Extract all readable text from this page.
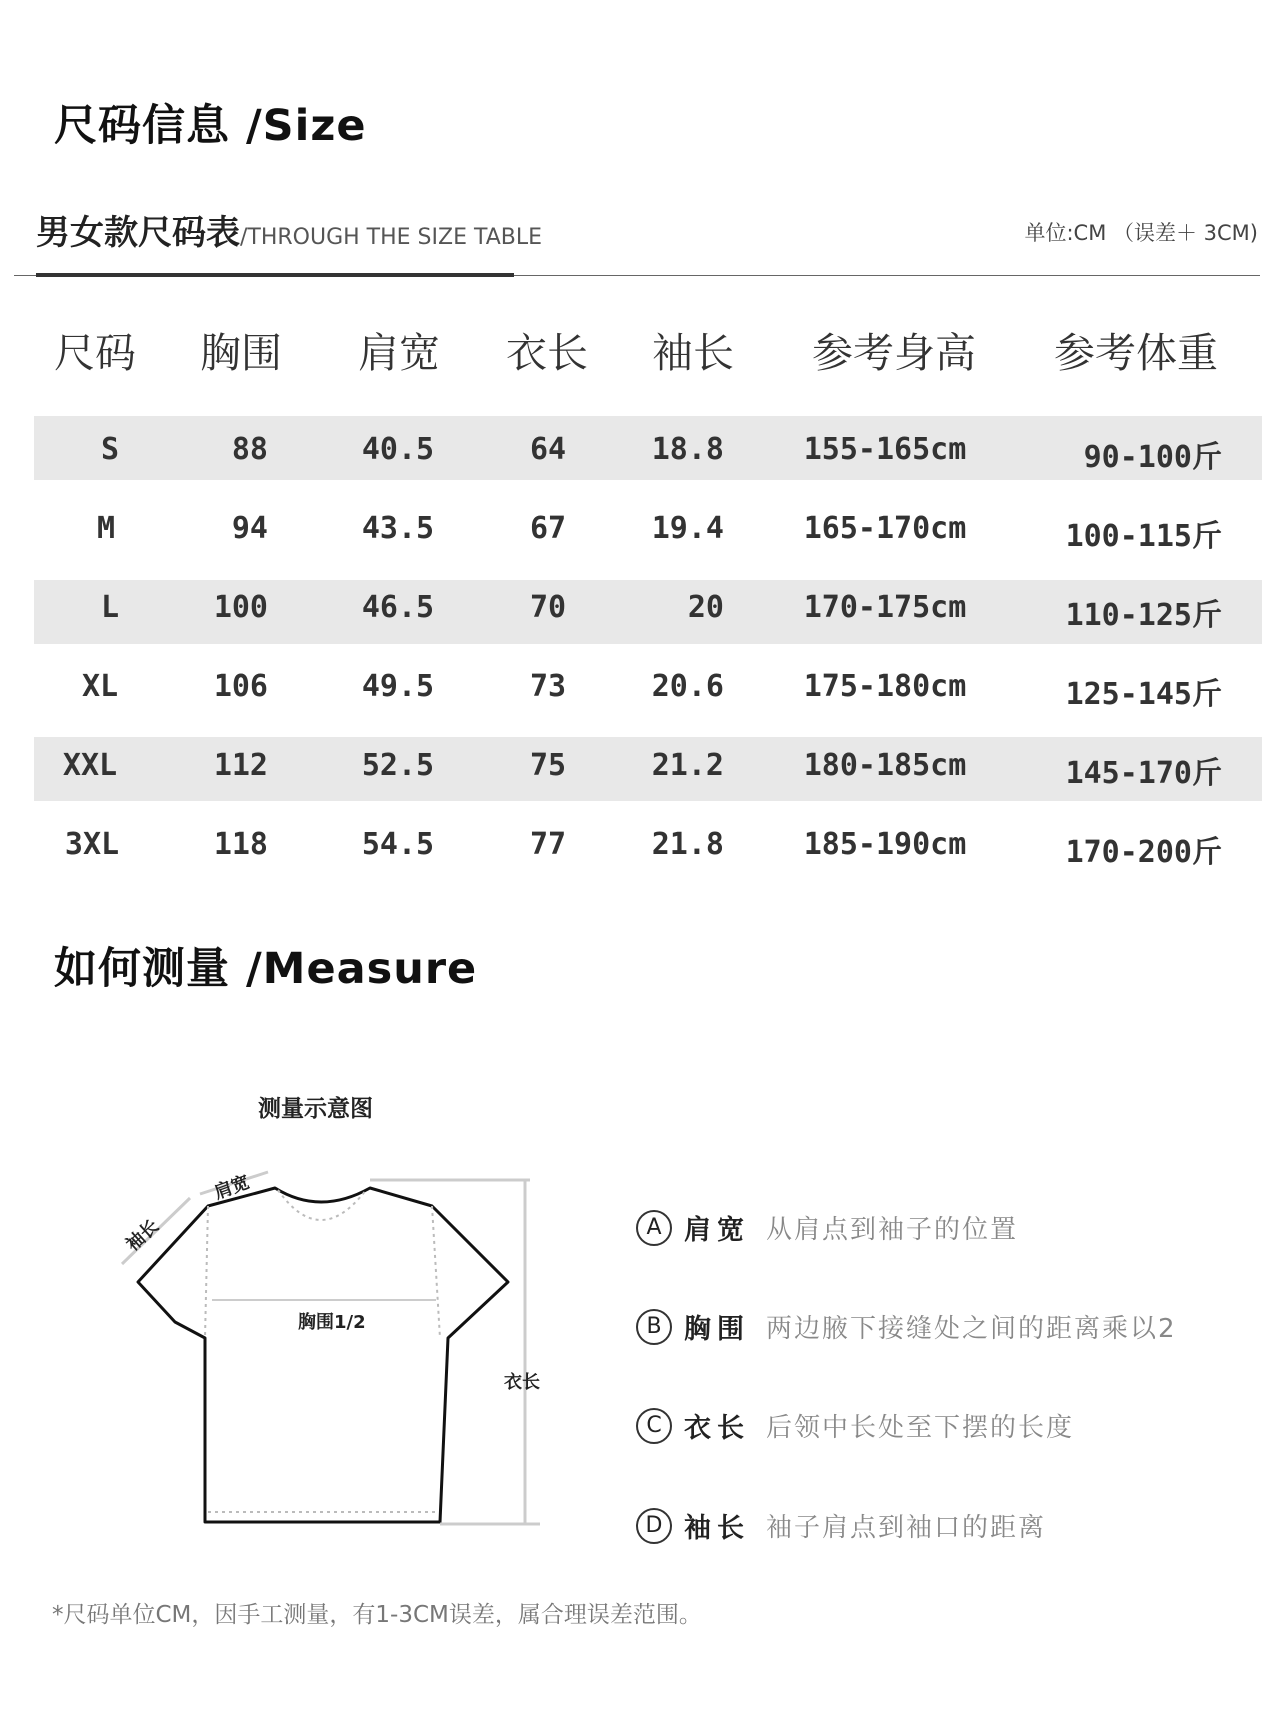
尺码信息 /Size
男女款尺码表/THROUGH THE SIZE TABLE	单位:CM （误差＋ 3CM)
尺码 胸围 肩宽 衣长 袖长 参考身高 参考体重
S	88	40.5	64	18.8	155-165cm	90-100斤
M	94	43.5	67	19.4	165-170cm	100-115斤
L	100	46.5	70	20	170-175cm	110-125斤
XL	106	49.5	73	20.6	175-180cm	125-145斤
XXL	112	52.5	75	21.2	180-185cm	145-170斤
3XL	118	54.5	77	21.8	185-190cm	170-200斤
如何测量 /Measure
测量示意图
肩宽
袖长
胸围1/2
衣长
A 肩宽 从肩点到袖子的位置
B 胸围 两边腋下接缝处之间的距离乘以2
C 衣长 后领中长处至下摆的长度
D 袖长 袖子肩点到袖口的距离
*尺码单位CM，因手工测量，有1-3CM误差，属合理误差范围。
